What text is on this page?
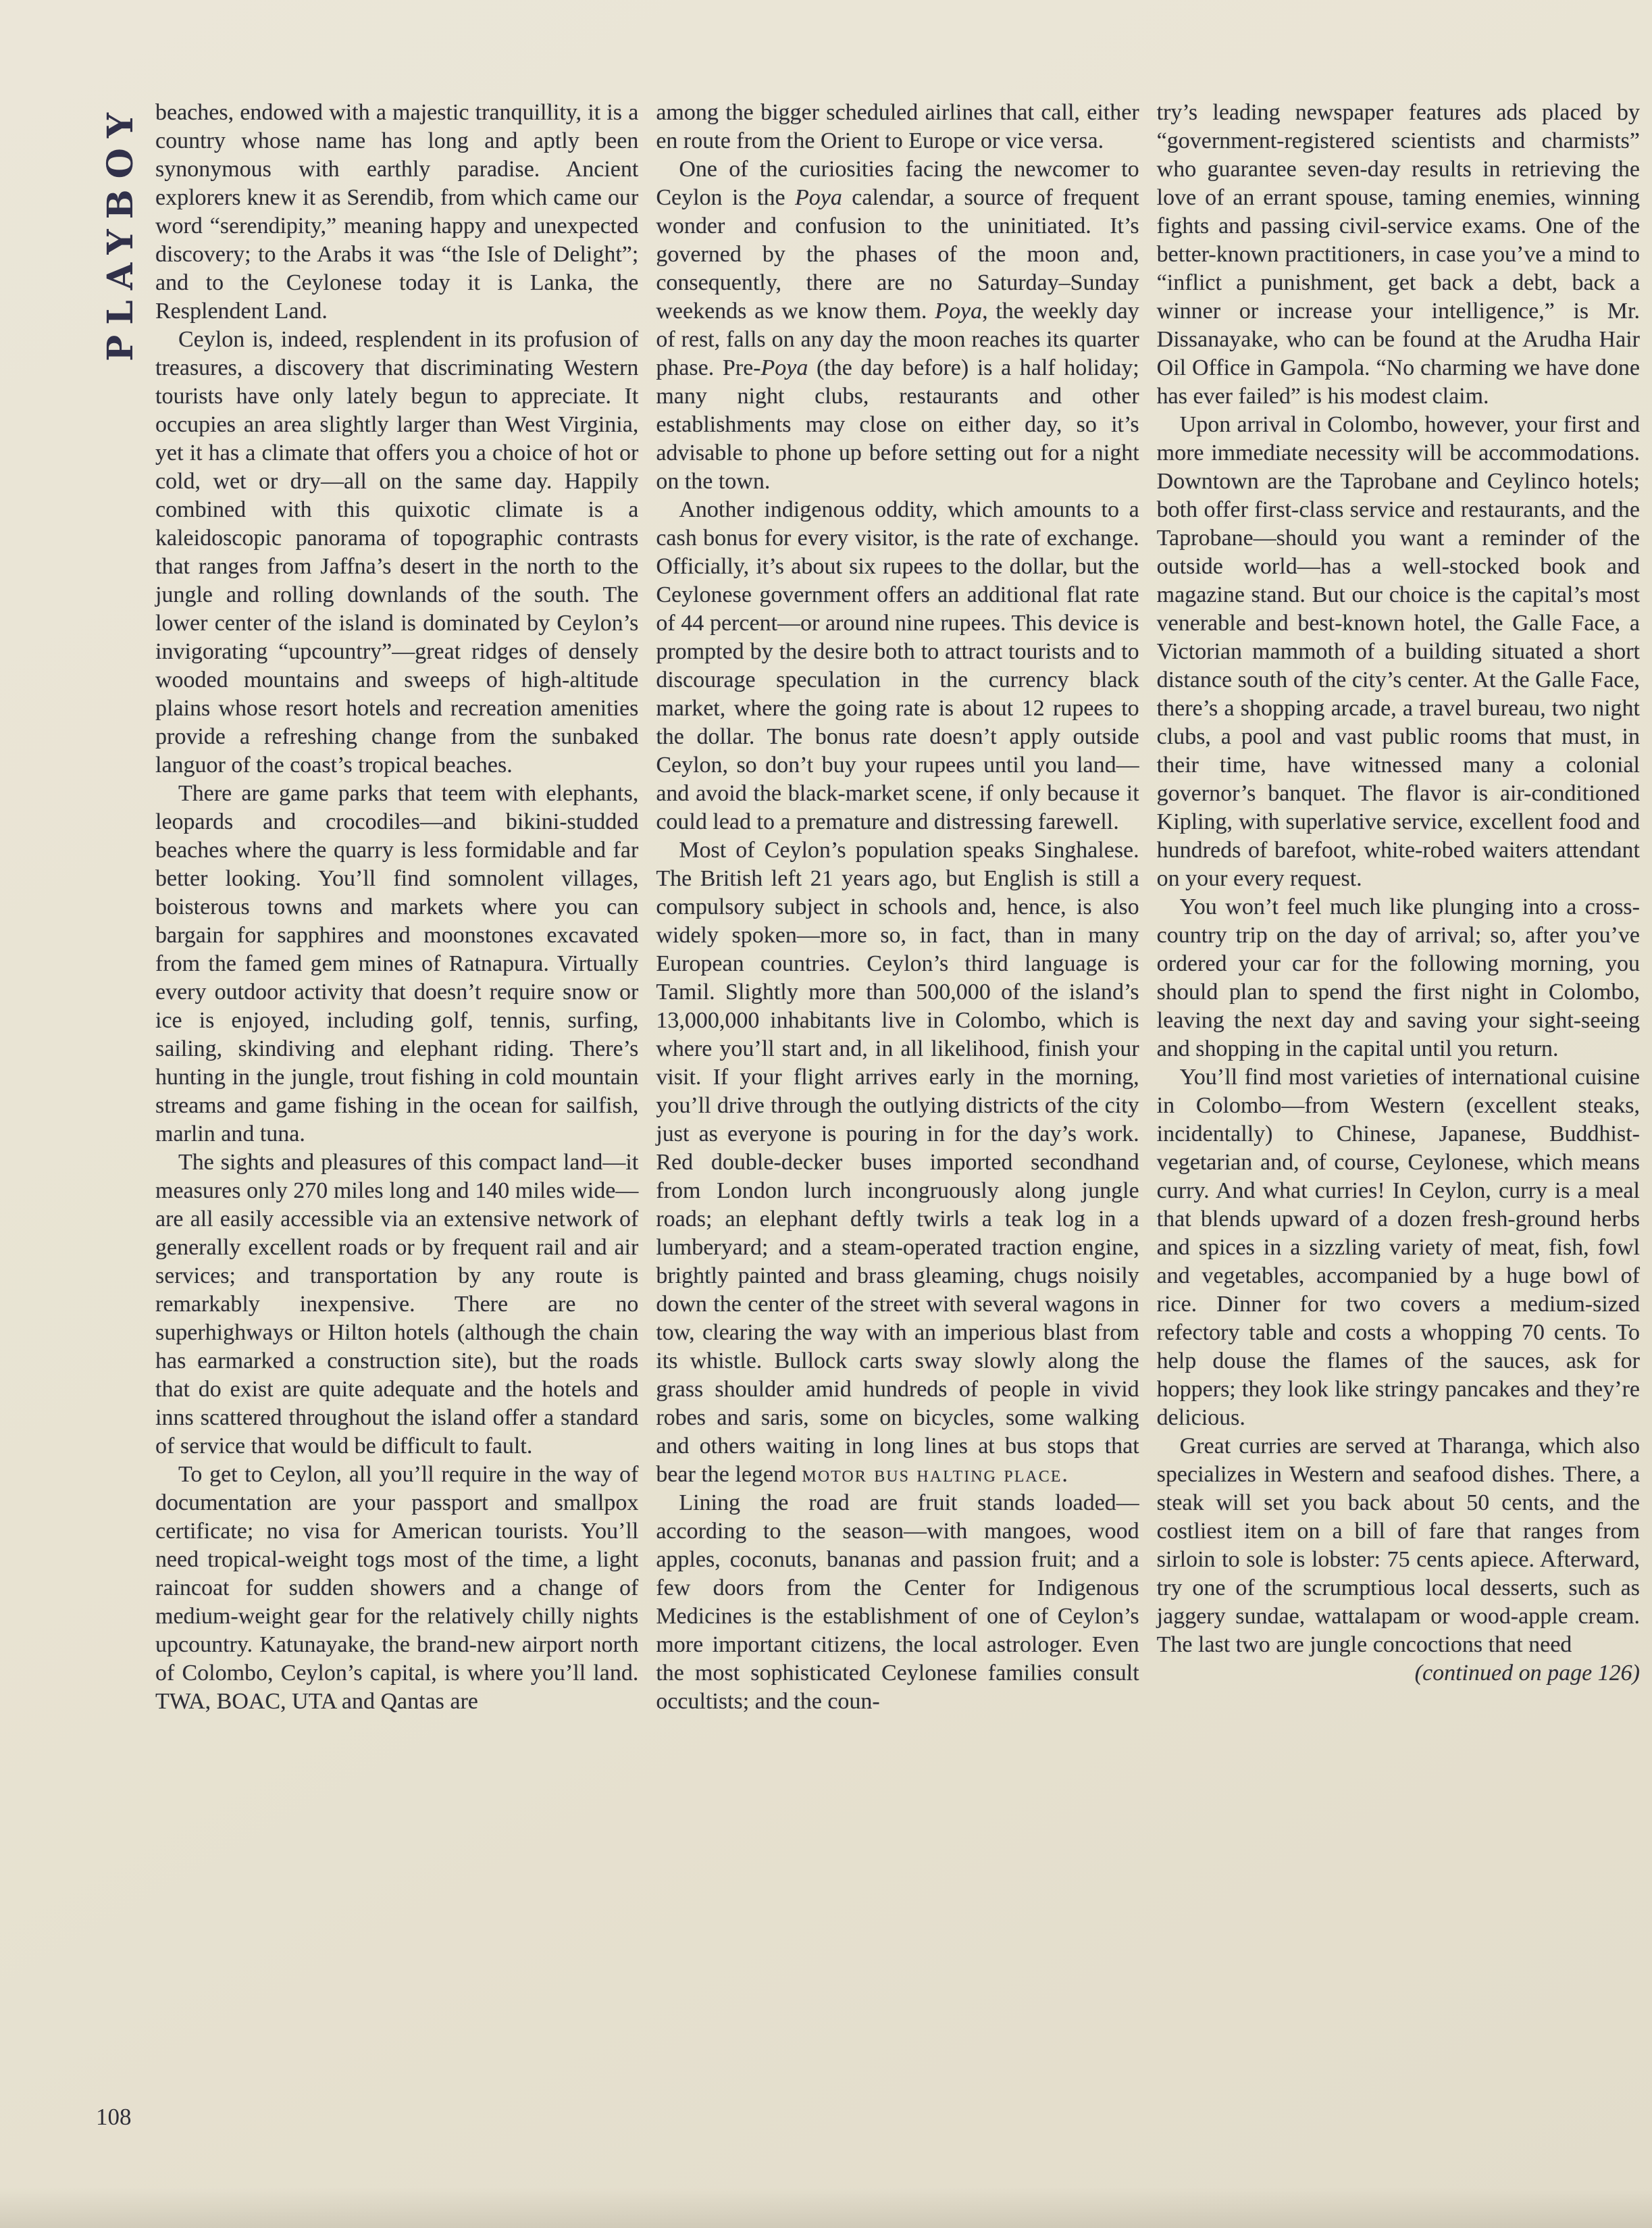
PLAYBOY
108

beaches, endowed with a majestic tranquillity, it is a country whose name has long and aptly been synonymous with earthly paradise. Ancient explorers knew it as Serendib, from which came our word “serendipity,” meaning happy and unexpected discovery; to the Arabs it was “the Isle of Delight”; and to the Ceylonese today it is Lanka, the Resplendent Land.

Ceylon is, indeed, resplendent in its profusion of treasures, a discovery that discriminating Western tourists have only lately begun to appreciate. It occupies an area slightly larger than West Virginia, yet it has a climate that offers you a choice of hot or cold, wet or dry—all on the same day. Happily combined with this quixotic climate is a kaleidoscopic panorama of topographic contrasts that ranges from Jaffna’s desert in the north to the jungle and rolling downlands of the south. The lower center of the island is dominated by Ceylon’s invigorating “upcountry”—great ridges of densely wooded mountains and sweeps of high-altitude plains whose resort hotels and recreation amenities provide a refreshing change from the sunbaked languor of the coast’s tropical beaches.

There are game parks that teem with elephants, leopards and crocodiles—and bikini-studded beaches where the quarry is less formidable and far better looking. You’ll find somnolent villages, boisterous towns and markets where you can bargain for sapphires and moonstones excavated from the famed gem mines of Ratnapura. Virtually every outdoor activity that doesn’t require snow or ice is enjoyed, including golf, tennis, surfing, sailing, skindiving and elephant riding. There’s hunting in the jungle, trout fishing in cold mountain streams and game fishing in the ocean for sailfish, marlin and tuna.

The sights and pleasures of this compact land—it measures only 270 miles long and 140 miles wide—are all easily accessible via an extensive network of generally excellent roads or by frequent rail and air services; and transportation by any route is remarkably inexpensive. There are no superhighways or Hilton hotels (although the chain has earmarked a construction site), but the roads that do exist are quite adequate and the hotels and inns scattered throughout the island offer a standard of service that would be difficult to fault.

To get to Ceylon, all you’ll require in the way of documentation are your passport and smallpox certificate; no visa for American tourists. You’ll need tropical-weight togs most of the time, a light raincoat for sudden showers and a change of medium-weight gear for the relatively chilly nights upcountry. Katunayake, the brand-new airport north of Colombo, Ceylon’s capital, is where you’ll land. TWA, BOAC, UTA and Qantas are

among the bigger scheduled airlines that call, either en route from the Orient to Europe or vice versa.

One of the curiosities facing the newcomer to Ceylon is the Poya calendar, a source of frequent wonder and confusion to the uninitiated. It’s governed by the phases of the moon and, consequently, there are no Saturday–Sunday weekends as we know them. Poya, the weekly day of rest, falls on any day the moon reaches its quarter phase. Pre-Poya (the day before) is a half holiday; many night clubs, restaurants and other establishments may close on either day, so it’s advisable to phone up before setting out for a night on the town.

Another indigenous oddity, which amounts to a cash bonus for every visitor, is the rate of exchange. Officially, it’s about six rupees to the dollar, but the Ceylonese government offers an additional flat rate of 44 percent—or around nine rupees. This device is prompted by the desire both to attract tourists and to discourage speculation in the currency black market, where the going rate is about 12 rupees to the dollar. The bonus rate doesn’t apply outside Ceylon, so don’t buy your rupees until you land—and avoid the black-market scene, if only because it could lead to a premature and distressing farewell.

Most of Ceylon’s population speaks Singhalese. The British left 21 years ago, but English is still a compulsory subject in schools and, hence, is also widely spoken—more so, in fact, than in many European countries. Ceylon’s third language is Tamil. Slightly more than 500,000 of the island’s 13,000,000 inhabitants live in Colombo, which is where you’ll start and, in all likelihood, finish your visit. If your flight arrives early in the morning, you’ll drive through the outlying districts of the city just as everyone is pouring in for the day’s work. Red double-decker buses imported secondhand from London lurch incongruously along jungle roads; an elephant deftly twirls a teak log in a lumberyard; and a steam-operated traction engine, brightly painted and brass gleaming, chugs noisily down the center of the street with several wagons in tow, clearing the way with an imperious blast from its whistle. Bullock carts sway slowly along the grass shoulder amid hundreds of people in vivid robes and saris, some on bicycles, some walking and others waiting in long lines at bus stops that bear the legend motor bus halting place.

Lining the road are fruit stands loaded—according to the season—with mangoes, wood apples, coconuts, bananas and passion fruit; and a few doors from the Center for Indigenous Medicines is the establishment of one of Ceylon’s more important citizens, the local astrologer. Even the most sophisticated Ceylonese families consult occultists; and the coun-

try’s leading newspaper features ads placed by “government-registered scientists and charmists” who guarantee seven-day results in retrieving the love of an errant spouse, taming enemies, winning fights and passing civil-service exams. One of the better-known practitioners, in case you’ve a mind to “inflict a punishment, get back a debt, back a winner or increase your intelligence,” is Mr. Dissanayake, who can be found at the Arudha Hair Oil Office in Gampola. “No charming we have done has ever failed” is his modest claim.

Upon arrival in Colombo, however, your first and more immediate necessity will be accommodations. Downtown are the Taprobane and Ceylinco hotels; both offer first-class service and restaurants, and the Taprobane—should you want a reminder of the outside world—has a well-stocked book and magazine stand. But our choice is the capital’s most venerable and best-known hotel, the Galle Face, a Victorian mammoth of a building situated a short distance south of the city’s center. At the Galle Face, there’s a shopping arcade, a travel bureau, two night clubs, a pool and vast public rooms that must, in their time, have witnessed many a colonial governor’s banquet. The flavor is air-conditioned Kipling, with superlative service, excellent food and hundreds of barefoot, white-robed waiters attendant on your every request.

You won’t feel much like plunging into a cross-country trip on the day of arrival; so, after you’ve ordered your car for the following morning, you should plan to spend the first night in Colombo, leaving the next day and saving your sight-seeing and shopping in the capital until you return.

You’ll find most varieties of international cuisine in Colombo—from Western (excellent steaks, incidentally) to Chinese, Japanese, Buddhist-vegetarian and, of course, Ceylonese, which means curry. And what curries! In Ceylon, curry is a meal that blends upward of a dozen fresh-ground herbs and spices in a sizzling variety of meat, fish, fowl and vegetables, accompanied by a huge bowl of rice. Dinner for two covers a medium-sized refectory table and costs a whopping 70 cents. To help douse the flames of the sauces, ask for hoppers; they look like stringy pancakes and they’re delicious.

Great curries are served at Tharanga, which also specializes in Western and seafood dishes. There, a steak will set you back about 50 cents, and the costliest item on a bill of fare that ranges from sirloin to sole is lobster: 75 cents apiece. Afterward, try one of the scrumptious local desserts, such as jaggery sundae, wattalapam or wood-apple cream. The last two are jungle concoctions that need

(continued on page 126)
